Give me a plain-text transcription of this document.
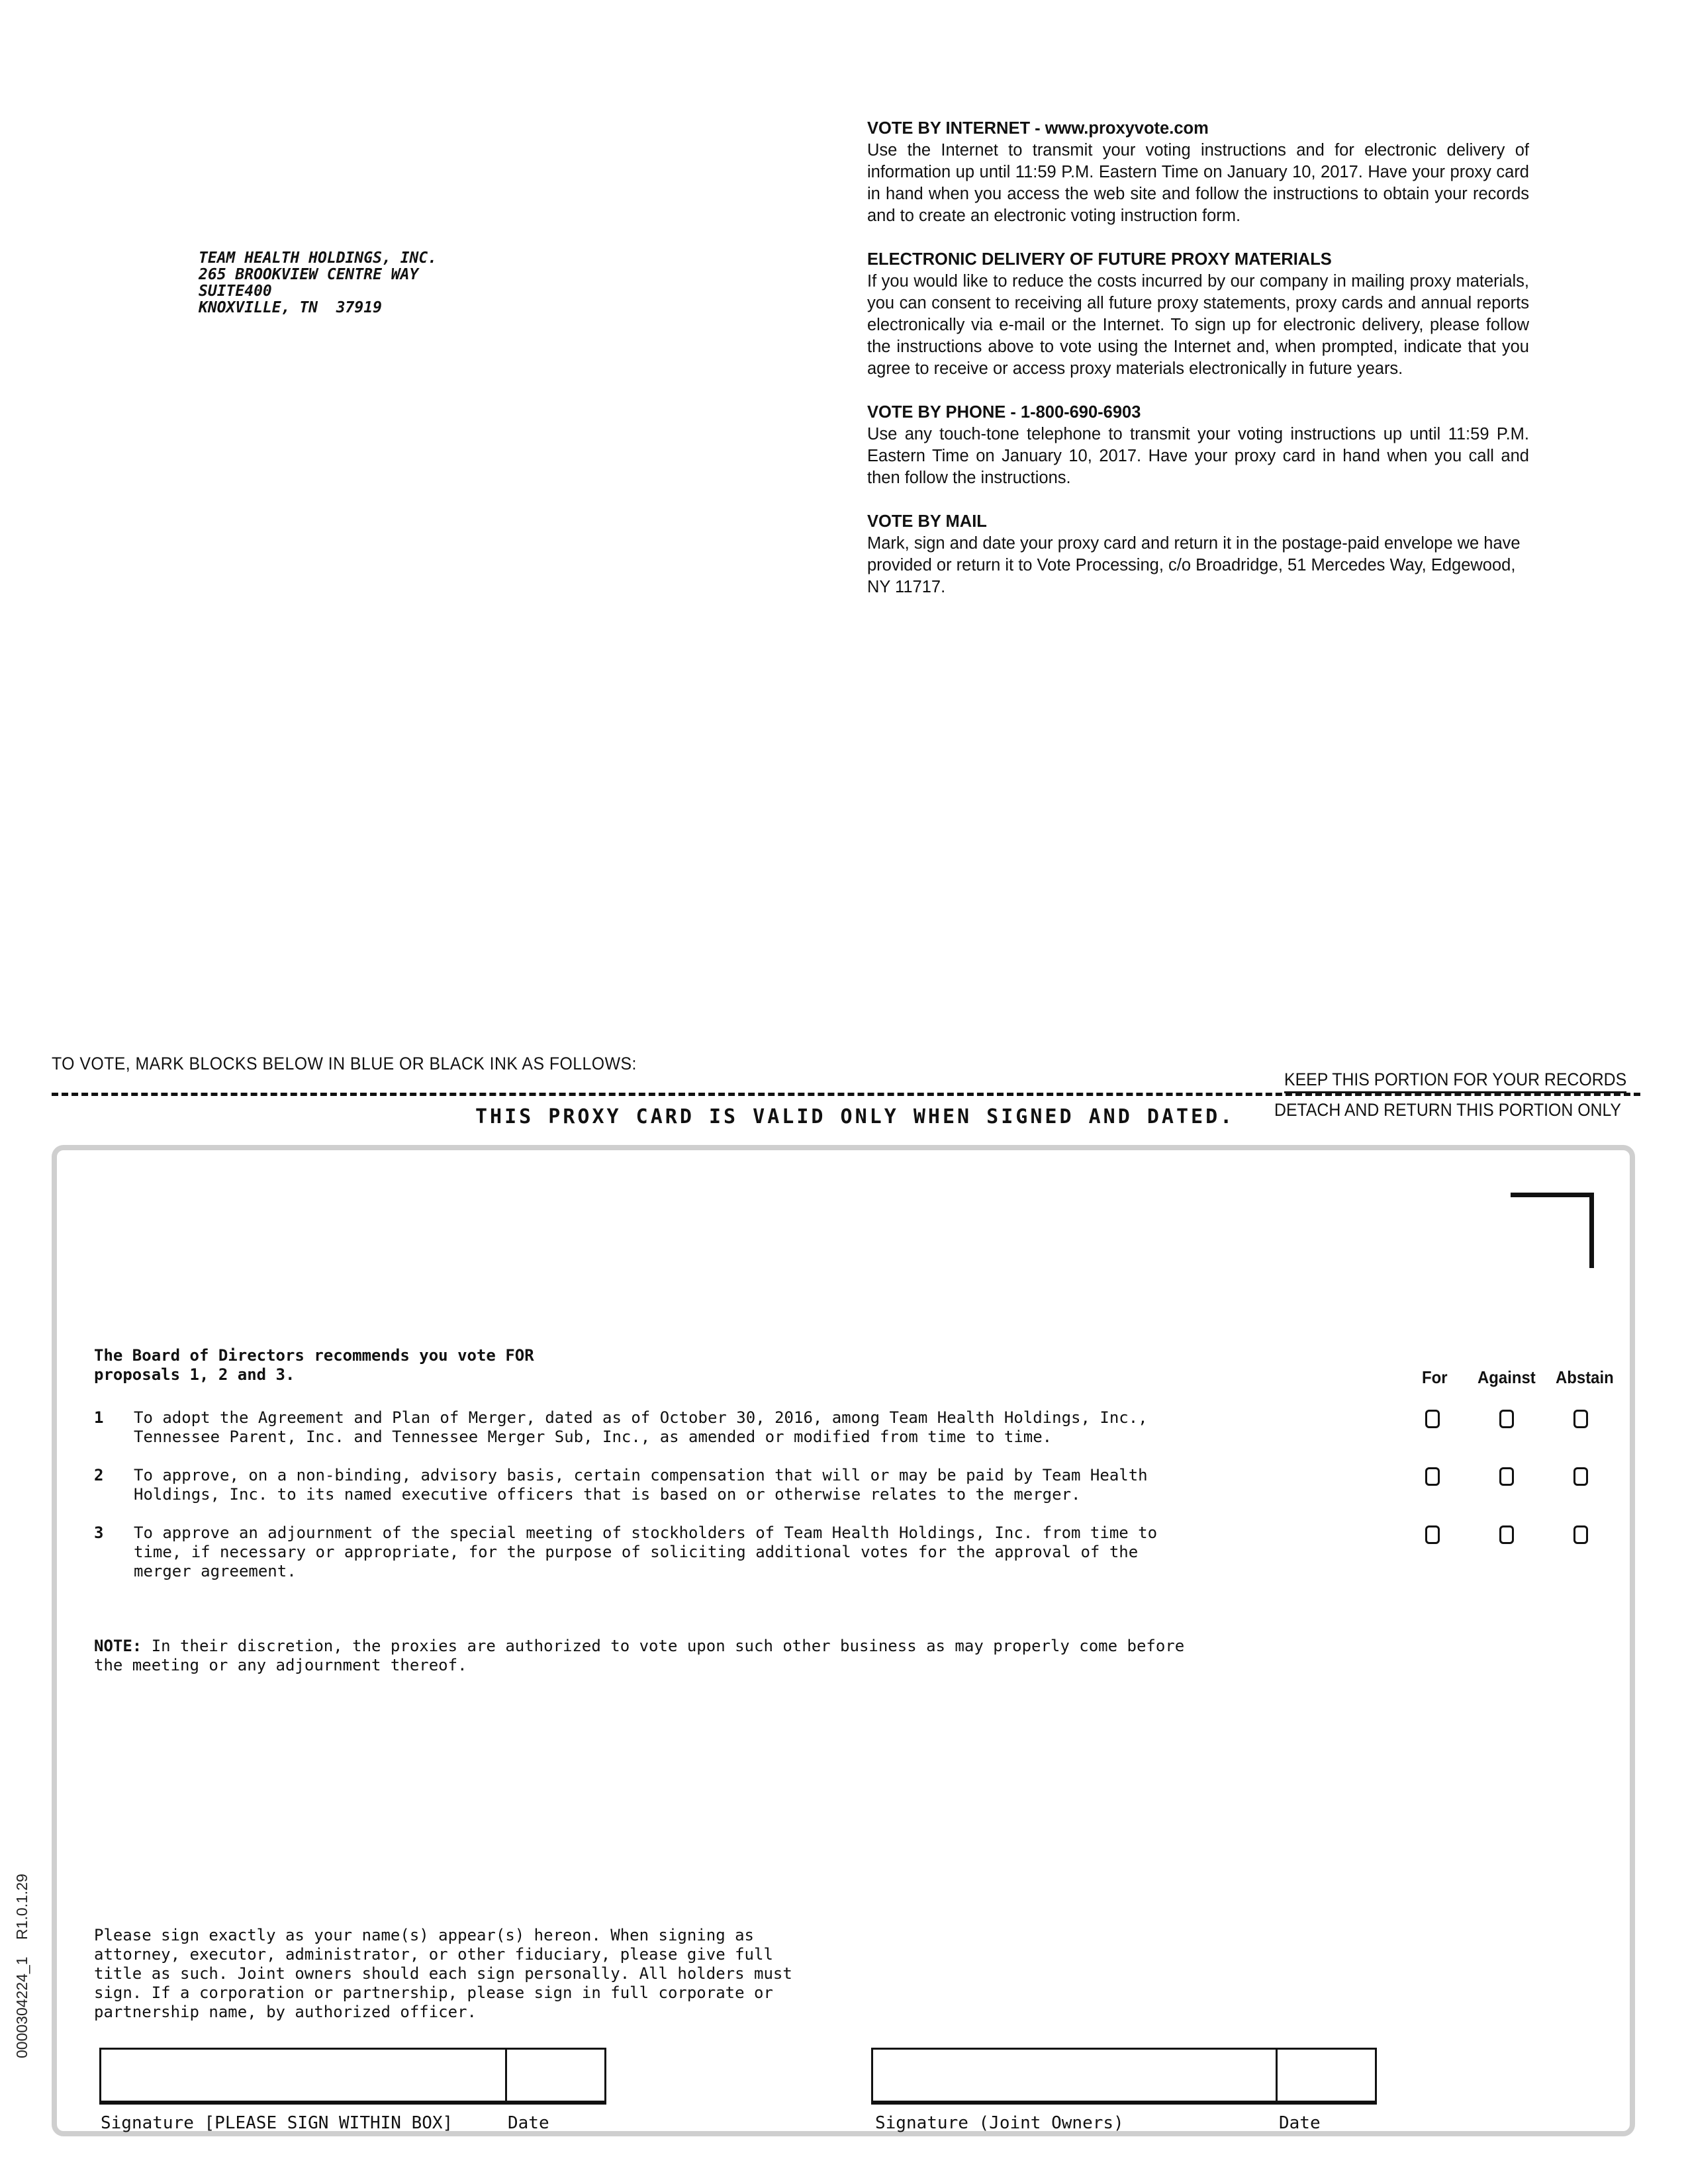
TEAM HEALTH HOLDINGS, INC.
265 BROOKVIEW CENTRE WAY
SUITE400
KNOXVILLE, TN  37919
VOTE BY INTERNET - www.proxyvote.com
Use the Internet to transmit your voting instructions and for electronic delivery of information up until 11:59 P.M. Eastern Time on January 10, 2017. Have your proxy card in hand when you access the web site and follow the instructions to obtain your records and to create an electronic voting instruction form.
ELECTRONIC DELIVERY OF FUTURE PROXY MATERIALS
If you would like to reduce the costs incurred by our company in mailing proxy materials, you can consent to receiving all future proxy statements, proxy cards and annual reports electronically via e-mail or the Internet. To sign up for electronic delivery, please follow the instructions above to vote using the Internet and, when prompted, indicate that you agree to receive or access proxy materials electronically in future years.
VOTE BY PHONE - 1-800-690-6903
Use any touch-tone telephone to transmit your voting instructions up until 11:59 P.M. Eastern Time on January 10, 2017. Have your proxy card in hand when you call and then follow the instructions.
VOTE BY MAIL
Mark, sign and date your proxy card and return it in the postage-paid envelope we have provided or return it to Vote Processing, c/o Broadridge, 51 Mercedes Way, Edgewood, NY 11717.
TO VOTE, MARK BLOCKS BELOW IN BLUE OR BLACK INK AS FOLLOWS:
KEEP THIS PORTION FOR YOUR RECORDS
DETACH AND RETURN THIS PORTION ONLY
THIS PROXY CARD IS VALID ONLY WHEN SIGNED AND DATED.
The Board of Directors recommends you vote FOR
proposals 1, 2 and 3.	For Against Abstain
1 To adopt the Agreement and Plan of Merger, dated as of October 30, 2016, among Team Health Holdings, Inc.,
Tennessee Parent, Inc. and Tennessee Merger Sub, Inc., as amended or modified from time to time.
2 To approve, on a non-binding, advisory basis, certain compensation that will or may be paid by Team Health
Holdings, Inc. to its named executive officers that is based on or otherwise relates to the merger.
3 To approve an adjournment of the special meeting of stockholders of Team Health Holdings, Inc. from time to
time, if necessary or appropriate, for the purpose of soliciting additional votes for the approval of the
merger agreement.
NOTE: In their discretion, the proxies are authorized to vote upon such other business as may properly come before
the meeting or any adjournment thereof.
Please sign exactly as your name(s) appear(s) hereon. When signing as
attorney, executor, administrator, or other fiduciary, please give full
title as such. Joint owners should each sign personally. All holders must
sign. If a corporation or partnership, please sign in full corporate or
partnership name, by authorized officer.
Signature [PLEASE SIGN WITHIN BOX]	Date	Signature (Joint Owners)	Date
0000304224_1    R1.0.1.29
